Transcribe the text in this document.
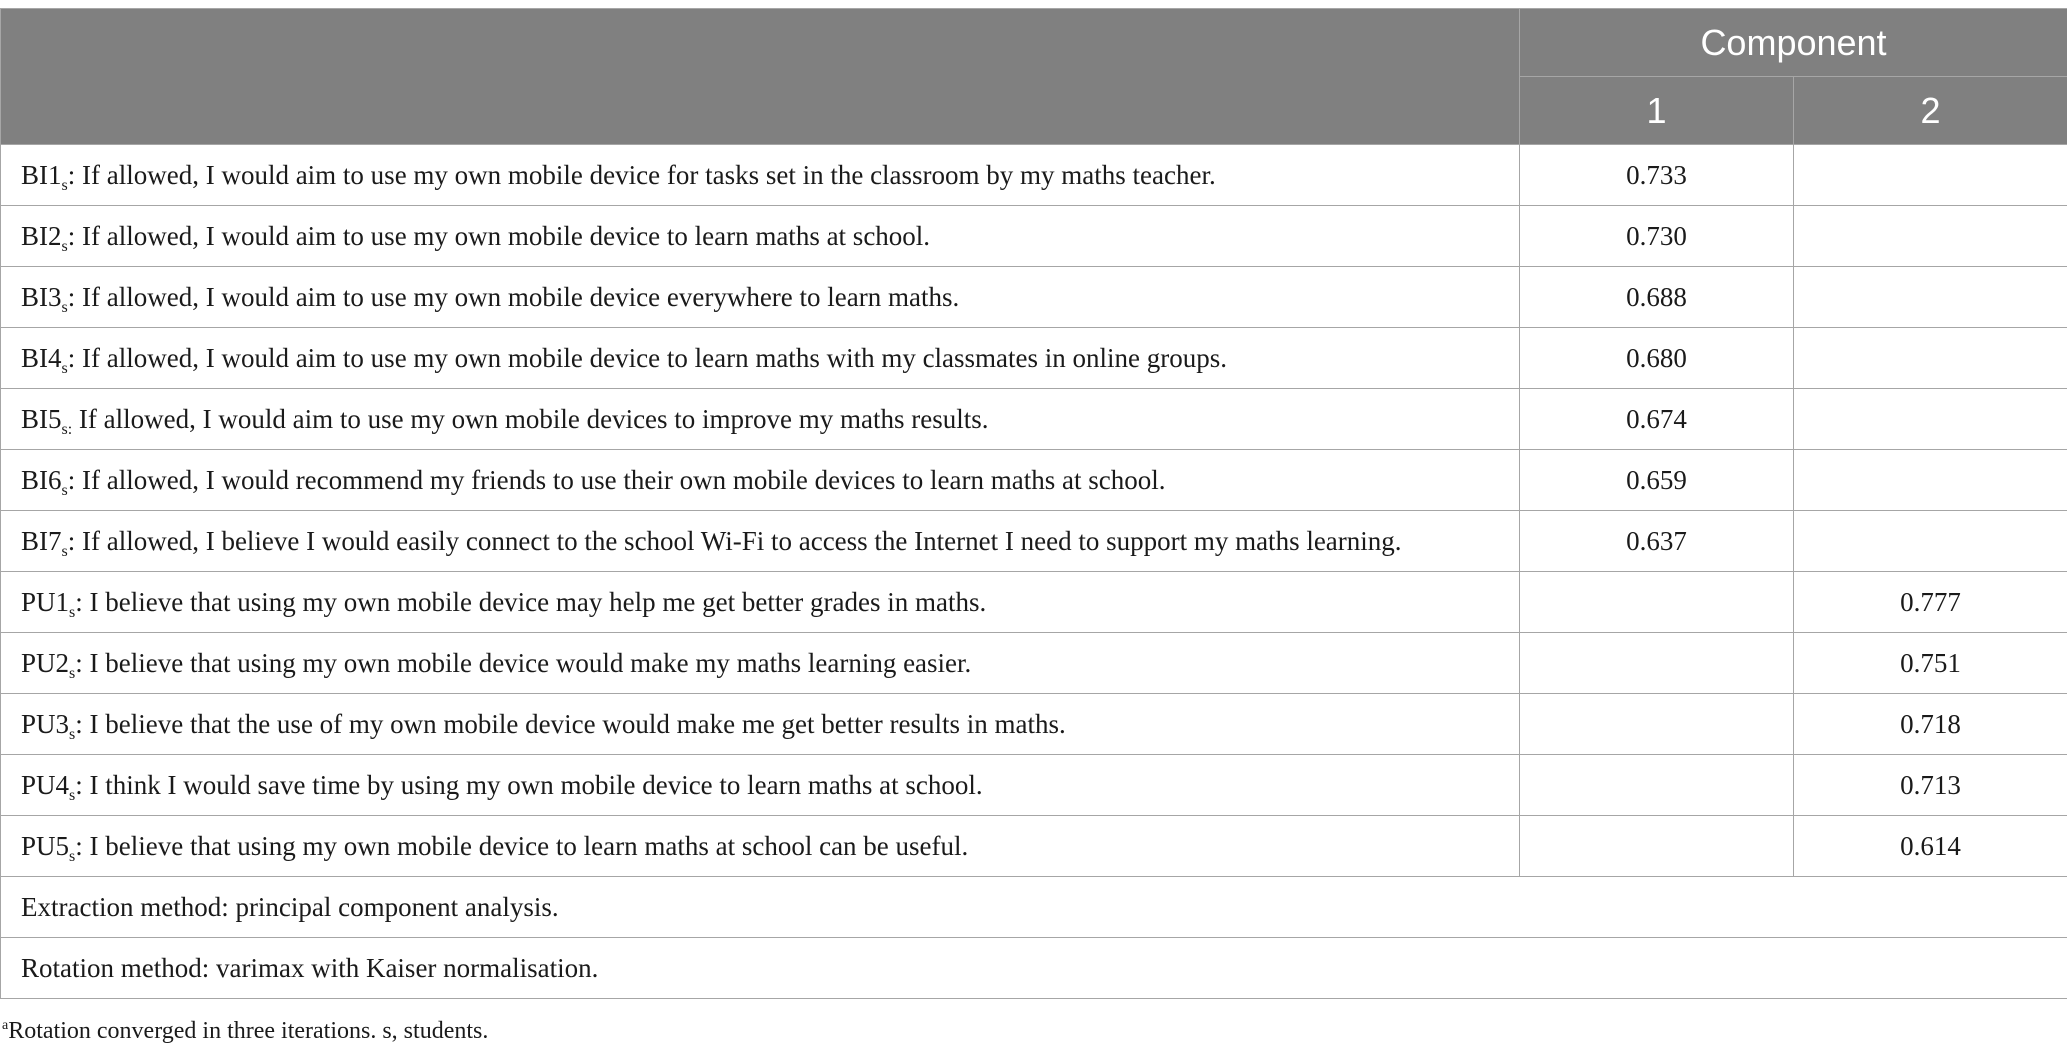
	Component	
	1	2
$BI1_s$: If allowed, I would aim to use my own mobile device for tasks set in the classroom by my maths teacher.	0.733	
$BI2_s$: If allowed, I would aim to use my own mobile device to learn maths at school.	0.730	
$BI3_s$: If allowed, I would aim to use my own mobile device everywhere to learn maths.	0.688	
$BI4_s$: If allowed, I would aim to use my own mobile device to learn maths with my classmates in online groups.	0.680	
$BI5_{s:}$ If allowed, I would aim to use my own mobile devices to improve my maths results.	0.674	
$BI6_s$: If allowed, I would recommend my friends to use their own mobile devices to learn maths at school.	0.659	
$BI7_s$: If allowed, I believe I would easily connect to the school Wi-Fi to access the Internet I need to support my maths learning.	0.637	
$PU1_s$: I believe that using my own mobile device may help me get better grades in maths.		0.777
$PU2_s$: I believe that using my own mobile device would make my maths learning easier.		0.751
$PU3_s$: I believe that the use of my own mobile device would make me get better results in maths.		0.718
$PU4_s$: I think I would save time by using my own mobile device to learn maths at school.		0.713
$PU5_s$: I believe that using my own mobile device to learn maths at school can be useful.		0.614
Extraction method: principal component analysis.		
Rotation method: varimax with Kaiser normalisation.		
$^a$Rotation converged in three iterations. s, students.
